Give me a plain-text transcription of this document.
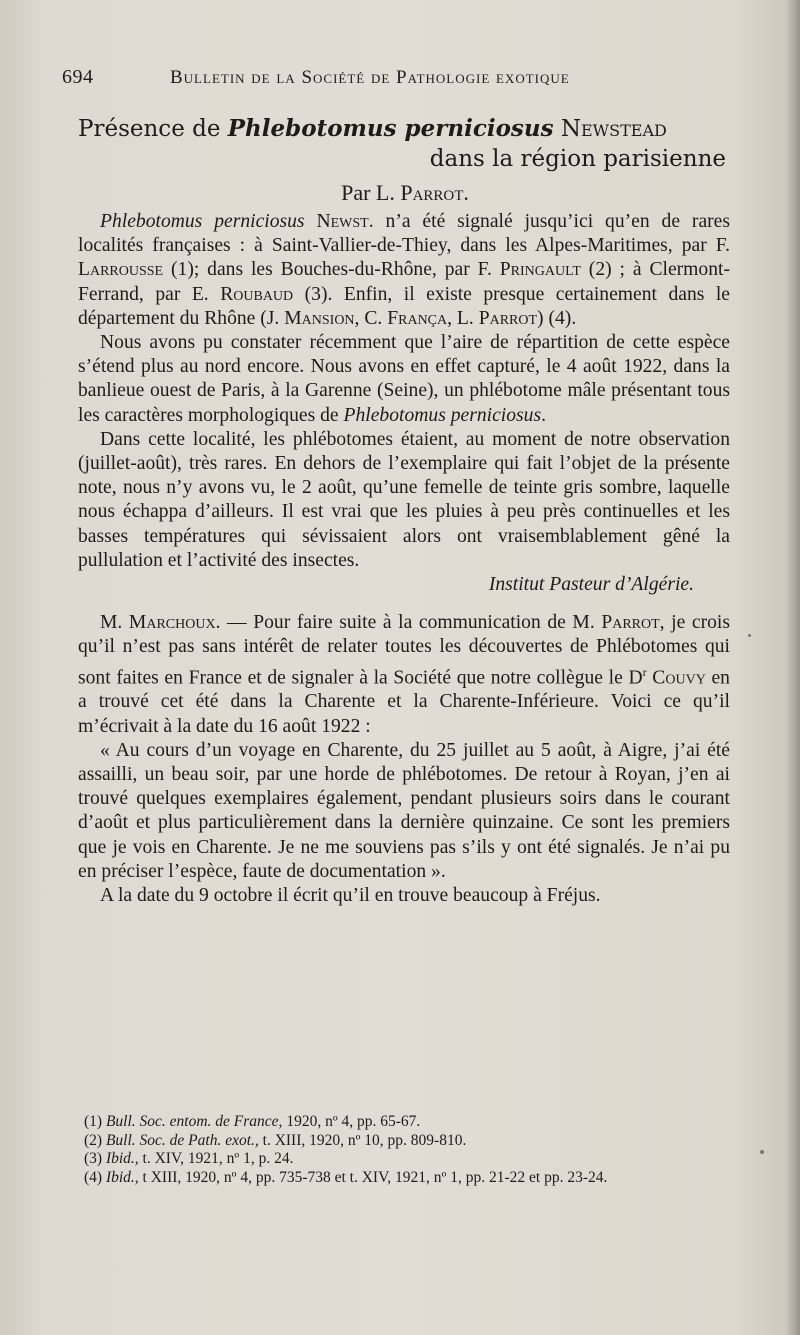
694	Bulletin de la Société de Pathologie exotique
Présence de Phlebotomus perniciosus Newstead
dans la région parisienne
Par L. Parrot.

Phlebotomus perniciosus Newst. n’a été signalé jusqu’ici qu’en de rares localités françaises : à Saint-Vallier-de-Thiey, dans les Alpes-Maritimes, par F. Larrousse (1); dans les Bouches-du-Rhône, par F. Pringault (2) ; à Clermont-Ferrand, par E. Roubaud (3). Enfin, il existe presque certainement dans le département du Rhône (J. Mansion, C. França, L. Parrot) (4).

Nous avons pu constater récemment que l’aire de répartition de cette espèce s’étend plus au nord encore. Nous avons en effet capturé, le 4 août 1922, dans la banlieue ouest de Paris, à la Garenne (Seine), un phlébotome mâle présentant tous les caractères morphologiques de Phlebotomus perniciosus.

Dans cette localité, les phlébotomes étaient, au moment de notre observation (juillet-août), très rares. En dehors de l’exemplaire qui fait l’objet de la présente note, nous n’y avons vu, le 2 août, qu’une femelle de teinte gris sombre, laquelle nous échappa d’ailleurs. Il est vrai que les pluies à peu près continuelles et les basses températures qui sévissaient alors ont vraisemblablement gêné la pullulation et l’activité des insectes.

Institut Pasteur d’Algérie.

M. Marchoux. — Pour faire suite à la communication de M. Parrot, je crois qu’il n’est pas sans intérêt de relater toutes les découvertes de Phlébotomes qui sont faites en France et de signaler à la Société que notre collègue le $D^r$ Couvy en a trouvé cet été dans la Charente et la Charente-Inférieure. Voici ce qu’il m’écrivait à la date du 16 août 1922 :

« Au cours d’un voyage en Charente, du 25 juillet au 5 août, à Aigre, j’ai été assailli, un beau soir, par une horde de phlébotomes. De retour à Royan, j’en ai trouvé quelques exemplaires également, pendant plusieurs soirs dans le courant d’août et plus particulièrement dans la dernière quinzaine. Ce sont les premiers que je vois en Charente. Je ne me souviens pas s’ils y ont été signalés. Je n’ai pu en préciser l’espèce, faute de documentation ».

A la date du 9 octobre il écrit qu’il en trouve beaucoup à Fréjus.

(1) Bull. Soc. entom. de France, 1920, nº 4, pp. 65-67.

(2) Bull. Soc. de Path. exot., t. XIII, 1920, nº 10, pp. 809-810.

(3) Ibid., t. XIV, 1921, nº 1, p. 24.

(4) Ibid., t XIII, 1920, nº 4, pp. 735-738 et t. XIV, 1921, nº 1, pp. 21-22 et pp. 23-24.
